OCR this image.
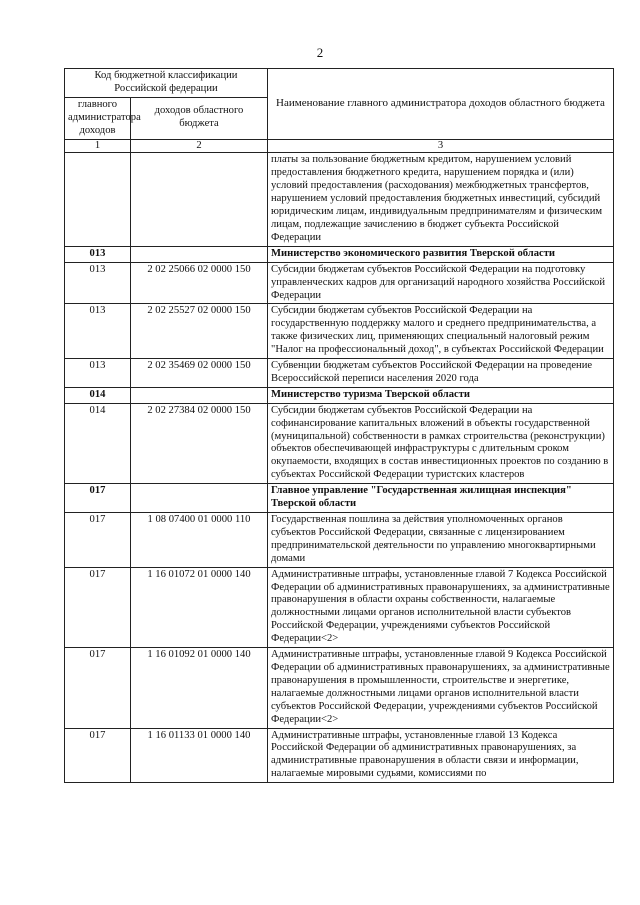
2
Код бюджетной классификации Российской федерации		Наименование главного администратора доходов областного бюджета
главного администратора доходов	доходов областного бюджета	
1	2	3
		платы за пользование бюджетным кредитом, нарушением условий предоставления бюджетного кредита, нарушением порядка и (или) условий предоставления (расходования) межбюджетных трансфертов, нарушением условий предоставления бюджетных инвестиций, субсидий юридическим лицам, индивидуальным предпринимателям и физическим лицам, подлежащие зачислению в бюджет субъекта Российской Федерации
013		Министерство экономического развития Тверской области
013	2 02 25066 02 0000 150	Субсидии бюджетам субъектов Российской Федерации на подготовку управленческих кадров для организаций народного хозяйства Российской Федерации
013	2 02 25527 02 0000 150	Субсидии бюджетам субъектов Российской Федерации на государственную поддержку малого и среднего предпринимательства, а также физических лиц, применяющих специальный налоговый режим "Налог на профессиональный доход", в субъектах Российской Федерации
013	2 02 35469 02 0000 150	Субвенции бюджетам субъектов Российской Федерации на проведение Всероссийской переписи населения 2020 года
014		Министерство туризма Тверской области
014	2 02 27384 02 0000 150	Субсидии бюджетам субъектов Российской Федерации на софинансирование капитальных вложений в объекты государственной (муниципальной) собственности в рамках строительства (реконструкции) объектов обеспечивающей инфраструктуры с длительным сроком окупаемости, входящих в состав инвестиционных проектов по созданию в субъектах Российской Федерации туристских кластеров
017		Главное управление "Государственная жилищная инспекция" Тверской области
017	1 08 07400 01 0000 110	Государственная пошлина за действия уполномоченных органов субъектов Российской Федерации, связанные с лицензированием предпринимательской деятельности по управлению многоквартирными домами
017	1 16 01072 01 0000 140	Административные штрафы, установленные главой 7 Кодекса Российской Федерации об административных правонарушениях, за административные правонарушения в области охраны собственности, налагаемые должностными лицами органов исполнительной власти субъектов Российской Федерации, учреждениями субъектов Российской Федерации<2>
017	1 16 01092 01 0000 140	Административные штрафы, установленные главой 9 Кодекса Российской Федерации об административных правонарушениях, за административные правонарушения в промышленности, строительстве и энергетике, налагаемые должностными лицами органов исполнительной власти субъектов Российской Федерации, учреждениями субъектов Российской Федерации<2>
017	1 16 01133 01 0000 140	Административные штрафы, установленные главой 13 Кодекса Российской Федерации об административных правонарушениях, за административные правонарушения в области связи и информации, налагаемые мировыми судьями, комиссиями по
